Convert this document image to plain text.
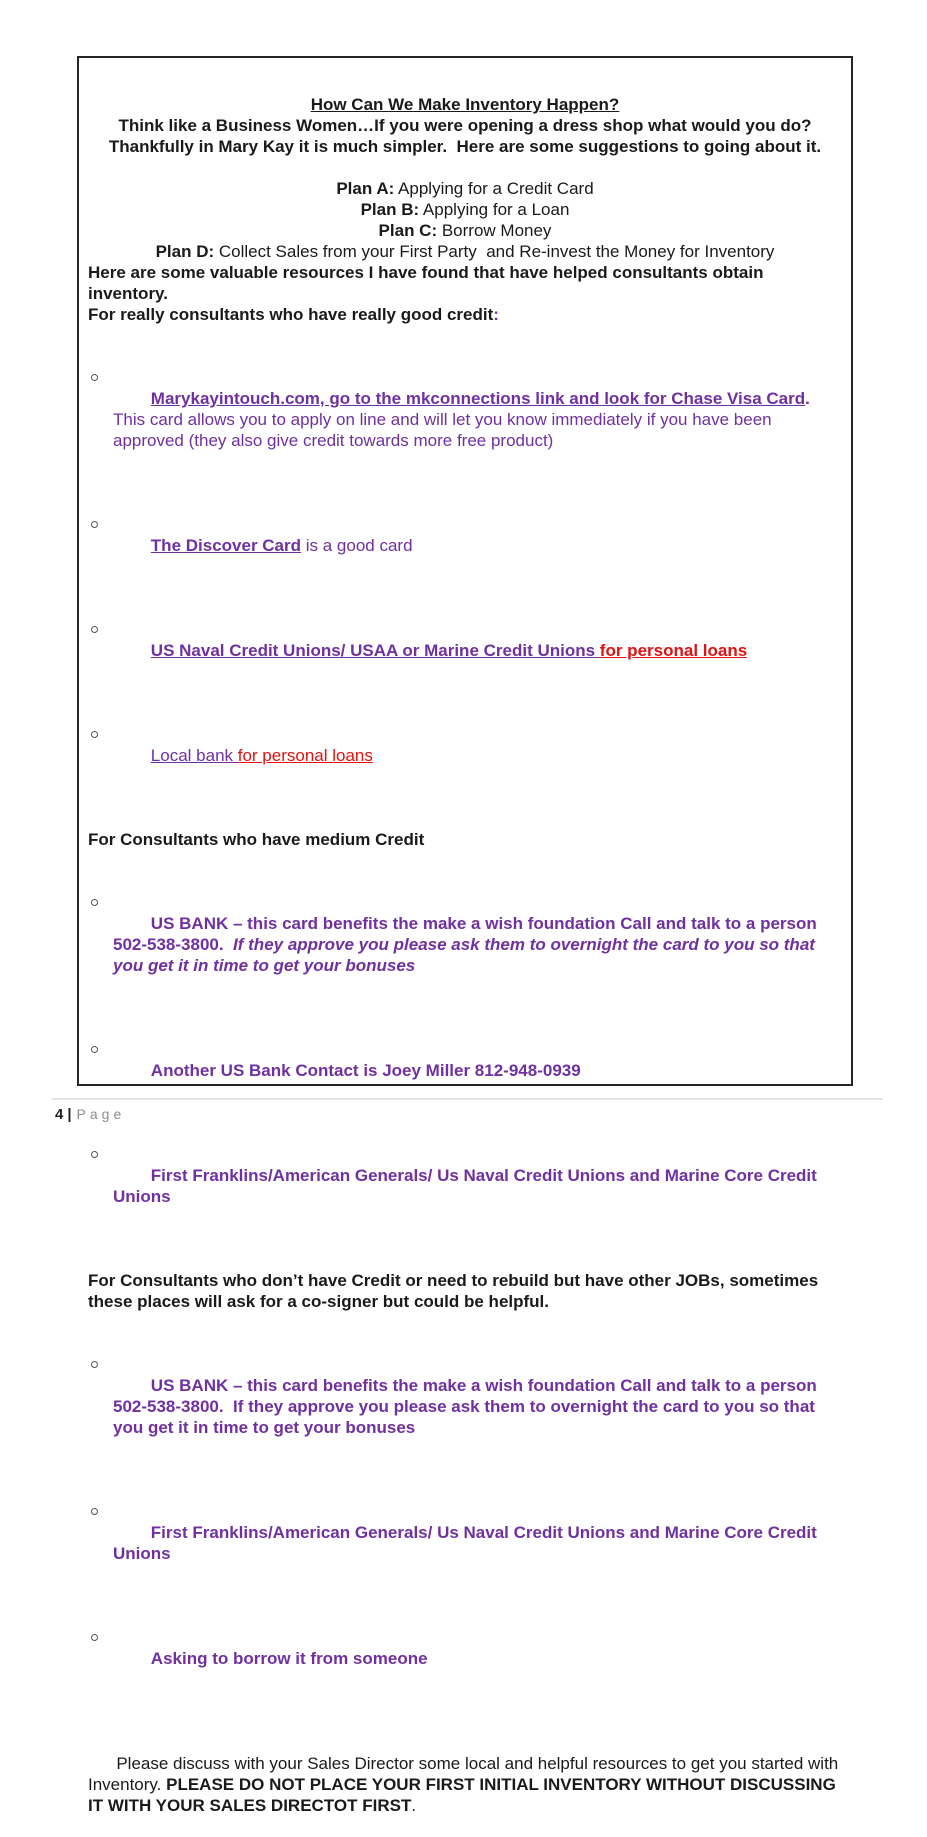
How Can We Make Inventory Happen?

Think like a Business Women…If you were opening a dress shop what would you do? Thankfully in Mary Kay it is much simpler.  Here are some suggestions to going about it.

Plan A: Applying for a Credit Card

Plan B: Applying for a Loan

Plan C: Borrow Money

Plan D: Collect Sales from your First Party  and Re-invest the Money for Inventory

Here are some valuable resources I have found that have helped consultants obtain inventory.

For really consultants who have really good credit:

Marykayintouch.com, go to the mkconnections link and look for Chase Visa Card.  This card allows you to apply on line and will let you know immediately if you have been approved (they also give credit towards more free product)

The Discover Card is a good card

US Naval Credit Unions/ USAA or Marine Credit Unions for personal loans

Local bank for personal loans

For Consultants who have medium Credit

US BANK – this card benefits the make a wish foundation Call and talk to a person 502-538-3800.  If they approve you please ask them to overnight the card to you so that you get it in time to get your bonuses

Another US Bank Contact is Joey Miller 812-948-0939

First Franklins/American Generals/ Us Naval Credit Unions and Marine Core Credit Unions

For Consultants who don’t have Credit or need to rebuild but have other JOBs, sometimes these places will ask for a co-signer but could be helpful.

US BANK – this card benefits the make a wish foundation Call and talk to a person 502-538-3800.  If they approve you please ask them to overnight the card to you so that you get it in time to get your bonuses

First Franklins/American Generals/ Us Naval Credit Unions and Marine Core Credit Unions

Asking to borrow it from someone

Please discuss with your Sales Director some local and helpful resources to get you started with Inventory. PLEASE DO NOT PLACE YOUR FIRST INITIAL INVENTORY WITHOUT DISCUSSING IT WITH YOUR SALES DIRECTOT FIRST.

4 | Page
